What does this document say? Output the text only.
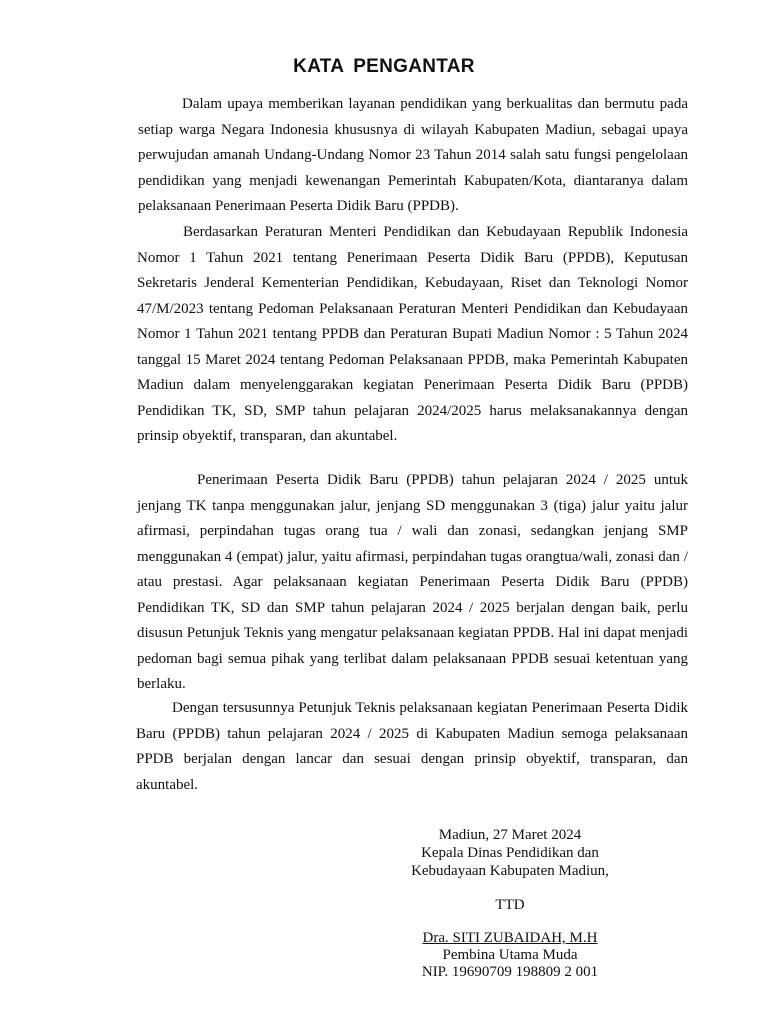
KATA PENGANTAR

Dalam upaya memberikan layanan pendidikan yang berkualitas dan bermutu pada setiap warga Negara Indonesia khususnya di wilayah Kabupaten Madiun, sebagai upaya perwujudan amanah Undang-Undang Nomor 23 Tahun 2014 salah satu fungsi pengelolaan pendidikan yang menjadi kewenangan Pemerintah Kabupaten/Kota, diantaranya dalam pelaksanaan Penerimaan Peserta Didik Baru (PPDB).

Berdasarkan Peraturan Menteri Pendidikan dan Kebudayaan Republik Indonesia Nomor 1 Tahun 2021 tentang Penerimaan Peserta Didik Baru (PPDB), Keputusan Sekretaris Jenderal Kementerian Pendidikan, Kebudayaan, Riset dan Teknologi Nomor 47/M/2023 tentang Pedoman Pelaksanaan Peraturan Menteri Pendidikan dan Kebudayaan Nomor 1 Tahun 2021 tentang PPDB dan Peraturan Bupati Madiun Nomor : 5 Tahun 2024 tanggal 15 Maret 2024 tentang Pedoman Pelaksanaan PPDB, maka Pemerintah Kabupaten Madiun dalam menyelenggarakan kegiatan Penerimaan Peserta Didik Baru (PPDB) Pendidikan TK, SD, SMP tahun pelajaran 2024/2025 harus melaksanakannya dengan prinsip obyektif, transparan, dan akuntabel.

Penerimaan Peserta Didik Baru (PPDB) tahun pelajaran 2024 / 2025 untuk jenjang TK tanpa menggunakan jalur, jenjang SD menggunakan 3 (tiga) jalur yaitu jalur afirmasi, perpindahan tugas orang tua / wali dan zonasi, sedangkan jenjang SMP menggunakan 4 (empat) jalur, yaitu afirmasi, perpindahan tugas orangtua/wali, zonasi dan / atau prestasi. Agar pelaksanaan kegiatan Penerimaan Peserta Didik Baru (PPDB) Pendidikan TK, SD dan SMP tahun pelajaran 2024 / 2025 berjalan dengan baik, perlu disusun Petunjuk Teknis yang mengatur pelaksanaan kegiatan PPDB. Hal ini dapat menjadi pedoman bagi semua pihak yang terlibat dalam pelaksanaan PPDB sesuai ketentuan yang berlaku.

Dengan tersusunnya Petunjuk Teknis pelaksanaan kegiatan Penerimaan Peserta Didik Baru (PPDB) tahun pelajaran 2024 / 2025 di Kabupaten Madiun semoga pelaksanaan PPDB berjalan dengan lancar dan sesuai dengan prinsip obyektif, transparan, dan akuntabel.

Madiun, 27 Maret 2024
Kepala Dinas Pendidikan dan
Kebudayaan Kabupaten Madiun,
TTD
Dra. SITI ZUBAIDAH, M.H
Pembina Utama Muda
NIP. 19690709 198809 2 001
